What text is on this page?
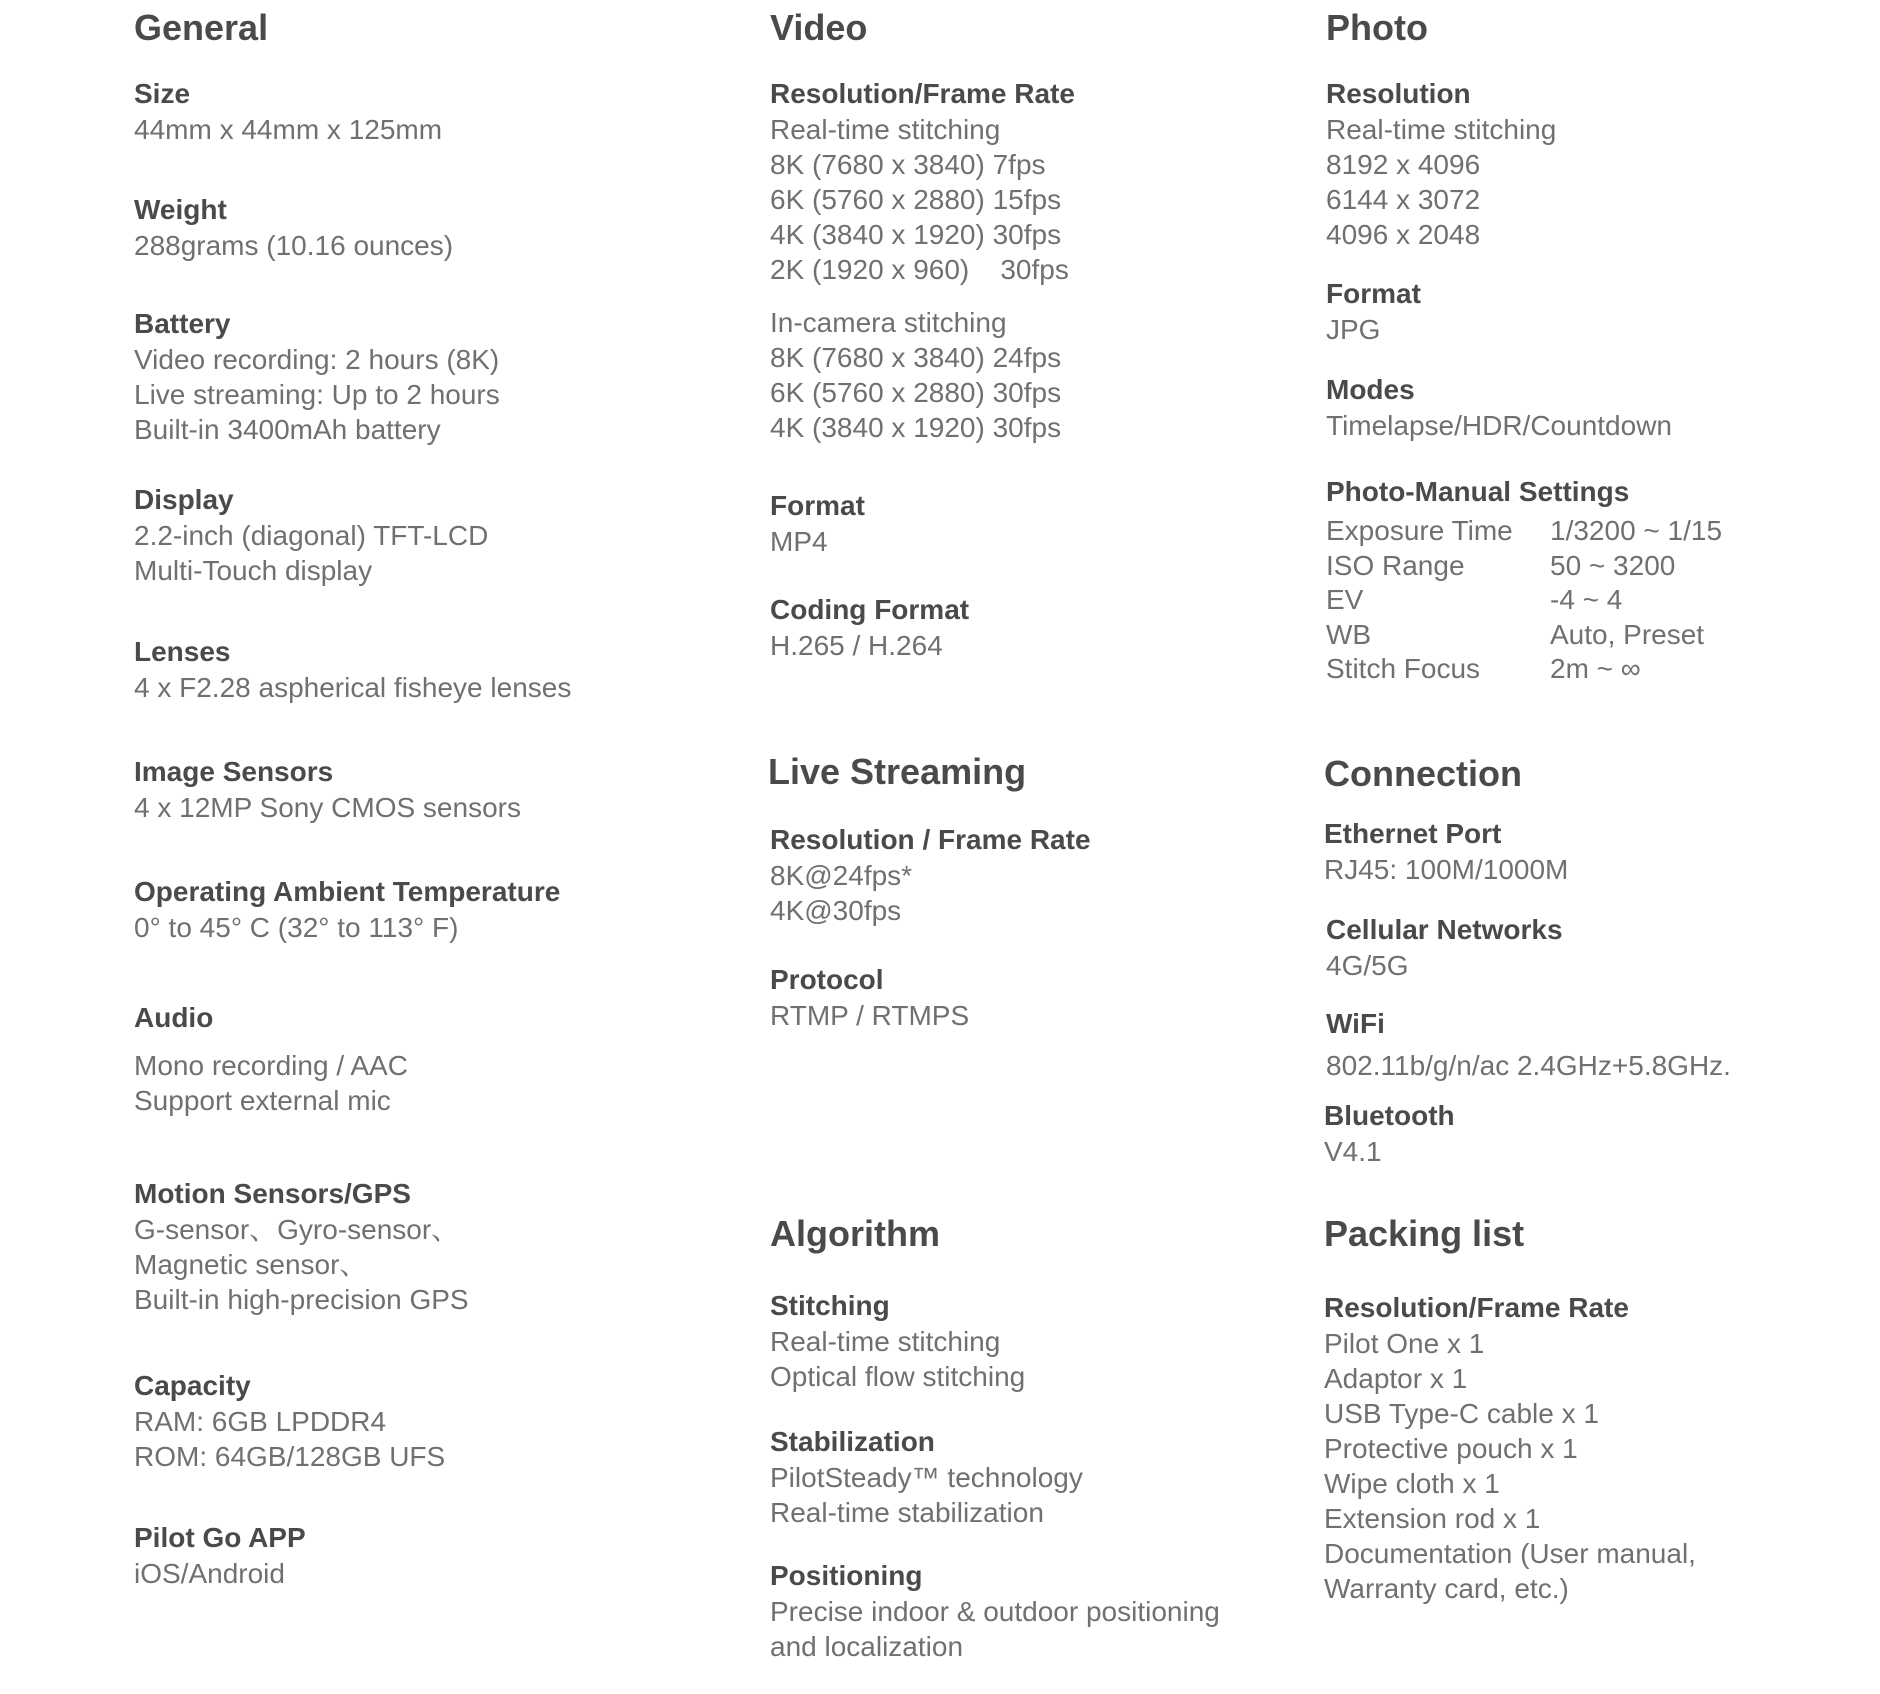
General
Size
44mm x 44mm x 125mm
Weight
288grams (10.16 ounces)
Battery
Video recording: 2 hours (8K)
Live streaming: Up to 2 hours
Built-in 3400mAh battery
Display
2.2-inch (diagonal) TFT-LCD
Multi-Touch display
Lenses
4 x F2.28 aspherical fisheye lenses
Image Sensors
4 x 12MP Sony CMOS sensors
Operating Ambient Temperature
0° to 45° C (32° to 113° F)
Audio
Mono recording / AAC
Support external mic
Motion Sensors/GPS
G-sensor、Gyro-sensor、
Magnetic sensor、
Built-in high-precision GPS
Capacity
RAM: 6GB LPDDR4
ROM: 64GB/128GB UFS
Pilot Go APP
iOS/Android
Video
Resolution/Frame Rate
Real-time stitching
8K (7680 x 3840) 7fps
6K (5760 x 2880) 15fps
4K (3840 x 1920) 30fps
2K (1920 x 960)    30fps
In-camera stitching
8K (7680 x 3840) 24fps
6K (5760 x 2880) 30fps
4K (3840 x 1920) 30fps
Format
MP4
Coding Format
H.265 / H.264
Live Streaming
Resolution / Frame Rate
8K@24fps*
4K@30fps
Protocol
RTMP / RTMPS
Algorithm
Stitching
Real-time stitching
Optical flow stitching
Stabilization
PilotSteady™ technology
Real-time stabilization
Positioning
Precise indoor & outdoor positioning
and localization
Photo
Resolution
Real-time stitching
8192 x 4096
6144 x 3072
4096 x 2048
Format
JPG
Modes
Timelapse/HDR/Countdown
Photo-Manual Settings
Exposure Time	1/3200 ~ 1/15
ISO Range	50 ~ 3200
EV	-4 ~ 4
WB	Auto, Preset
Stitch Focus	2m ~ ∞
Connection
Ethernet Port
RJ45: 100M/1000M
Cellular Networks
4G/5G
WiFi
802.11b/g/n/ac 2.4GHz+5.8GHz.
Bluetooth
V4.1
Packing list
Resolution/Frame Rate
Pilot One x 1
Adaptor x 1
USB Type-C cable x 1
Protective pouch x 1
Wipe cloth x 1
Extension rod x 1
Documentation (User manual,
Warranty card, etc.)
